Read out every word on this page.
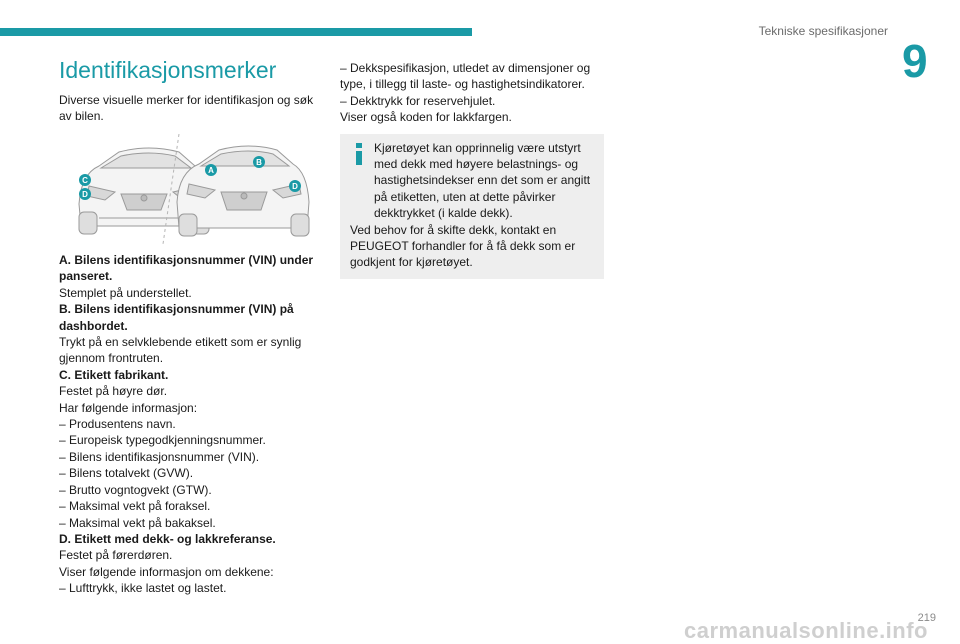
Tekniske spesifikasjoner
9
Identifikasjonsmerker
Diverse visuelle merker for identifikasjon og søk av bilen.
C
D
A
B
D
A. Bilens identifikasjonsnummer (VIN) under panseret.
Stemplet på understellet.
B. Bilens identifikasjonsnummer (VIN) på dashbordet.
Trykt på en selvklebende etikett som er synlig gjennom frontruten.
C. Etikett fabrikant.
Festet på høyre dør.
Har følgende informasjon:
– Produsentens navn.
– Europeisk typegodkjenningsnummer.
– Bilens identifikasjonsnummer (VIN).
– Bilens totalvekt (GVW).
– Brutto vogntogvekt (GTW).
– Maksimal vekt på foraksel.
– Maksimal vekt på bakaksel.
D. Etikett med dekk- og lakkreferanse.
Festet på førerdøren.
Viser følgende informasjon om dekkene:
– Lufttrykk, ikke lastet og lastet.
– Dekkspesifikasjon, utledet av dimensjoner og type, i tillegg til laste- og hastighetsindikatorer.
– Dekktrykk for reservehjulet.
Viser også koden for lakkfargen.
Kjøretøyet kan opprinnelig være utstyrt med dekk med høyere belastnings- og hastighetsindekser enn det som er angitt på etiketten, uten at dette påvirker dekktrykket (i kalde dekk).
Ved behov for å skifte dekk, kontakt en PEUGEOT forhandler for å få dekk som er godkjent for kjøretøyet.
carmanualsonline.info
219
